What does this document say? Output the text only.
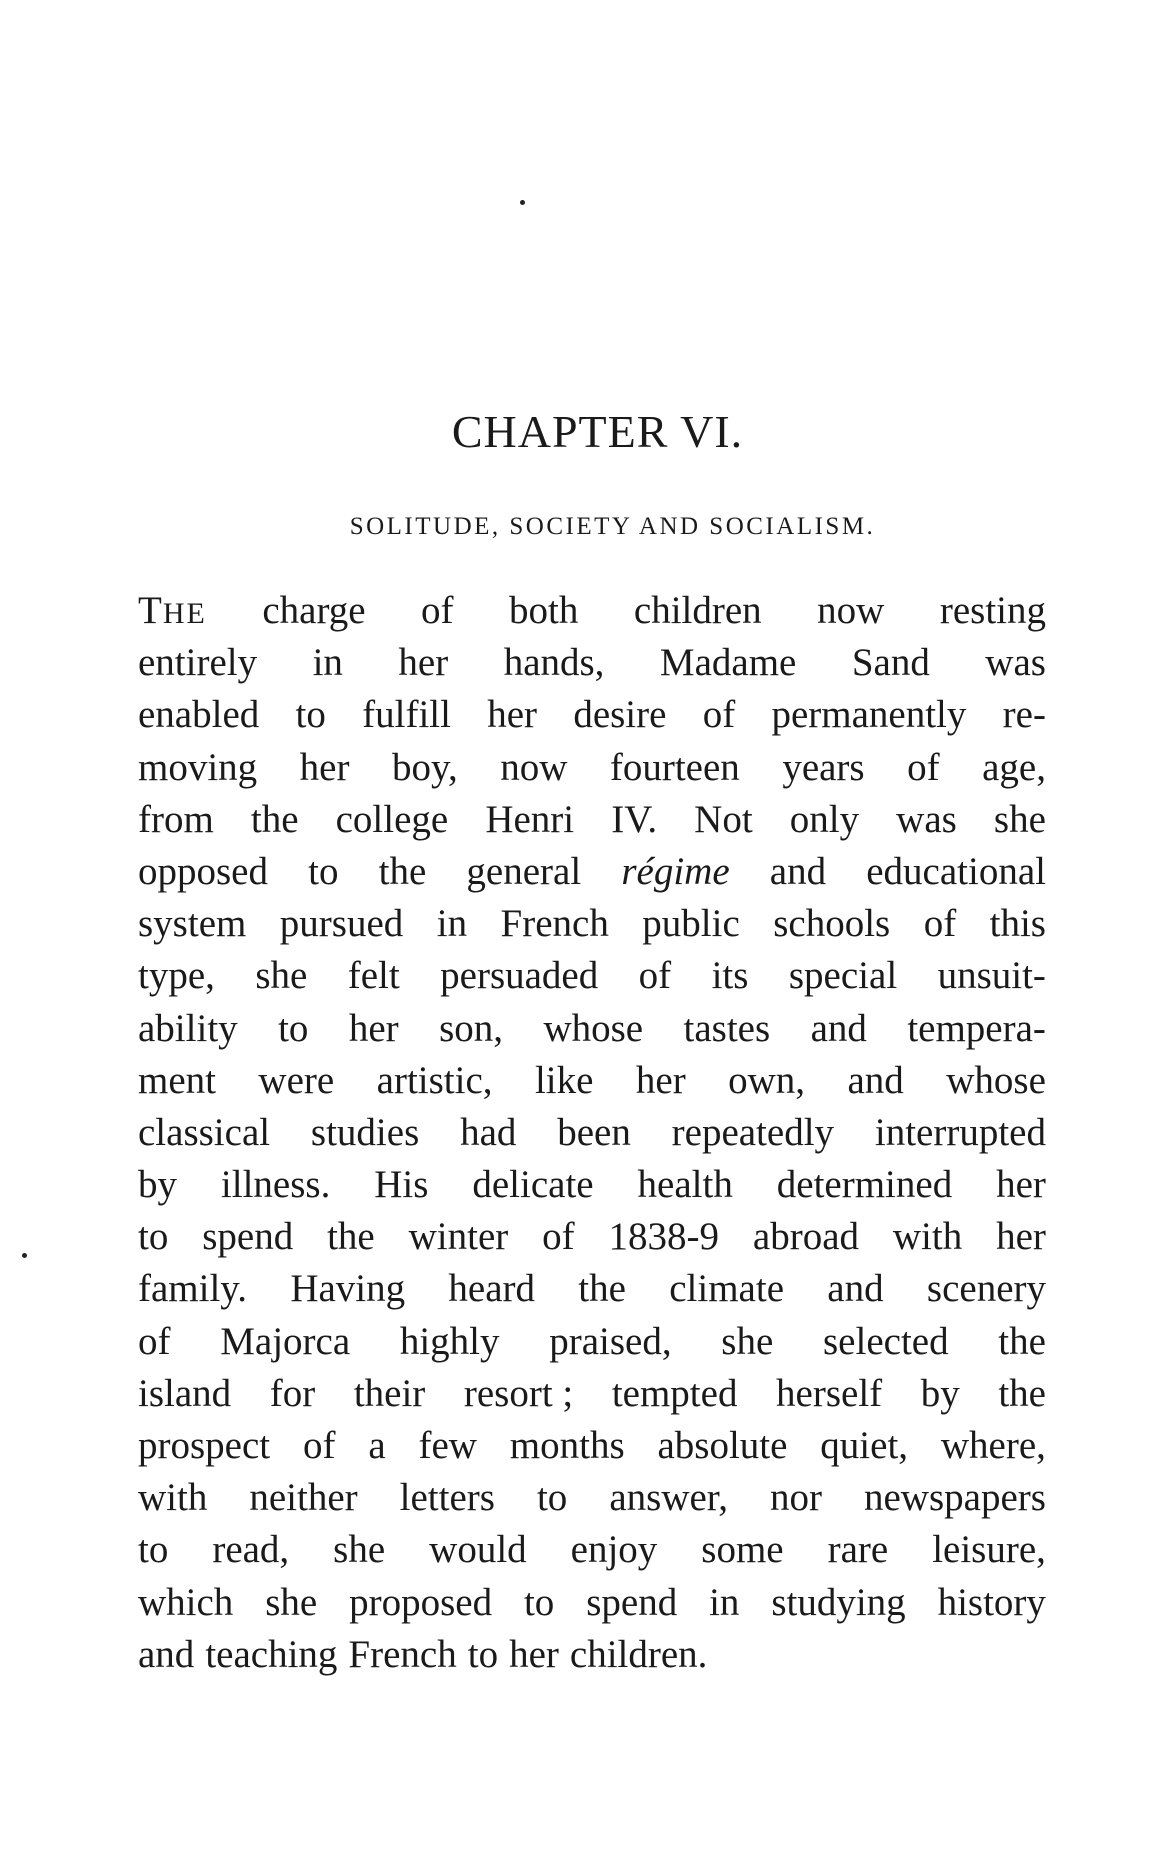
CHAPTER VI.
SOLITUDE, SOCIETY AND SOCIALISM.
THE charge of both children now resting
entirely in her hands, Madame Sand was
enabled to fulfill her desire of permanently re-
moving her boy, now fourteen years of age,
from the college Henri IV. Not only was she
opposed to the general régime and educational
system pursued in French public schools of this
type, she felt persuaded of its special unsuit-
ability to her son, whose tastes and tempera-
ment were artistic, like her own, and whose
classical studies had been repeatedly interrupted
by illness. His delicate health determined her
to spend the winter of 1838-9 abroad with her
family. Having heard the climate and scenery
of Majorca highly praised, she selected the
island for their resort ; tempted herself by the
prospect of a few months absolute quiet, where,
with neither letters to answer, nor newspapers
to read, she would enjoy some rare leisure,
which she proposed to spend in studying history
and teaching French to her children.
